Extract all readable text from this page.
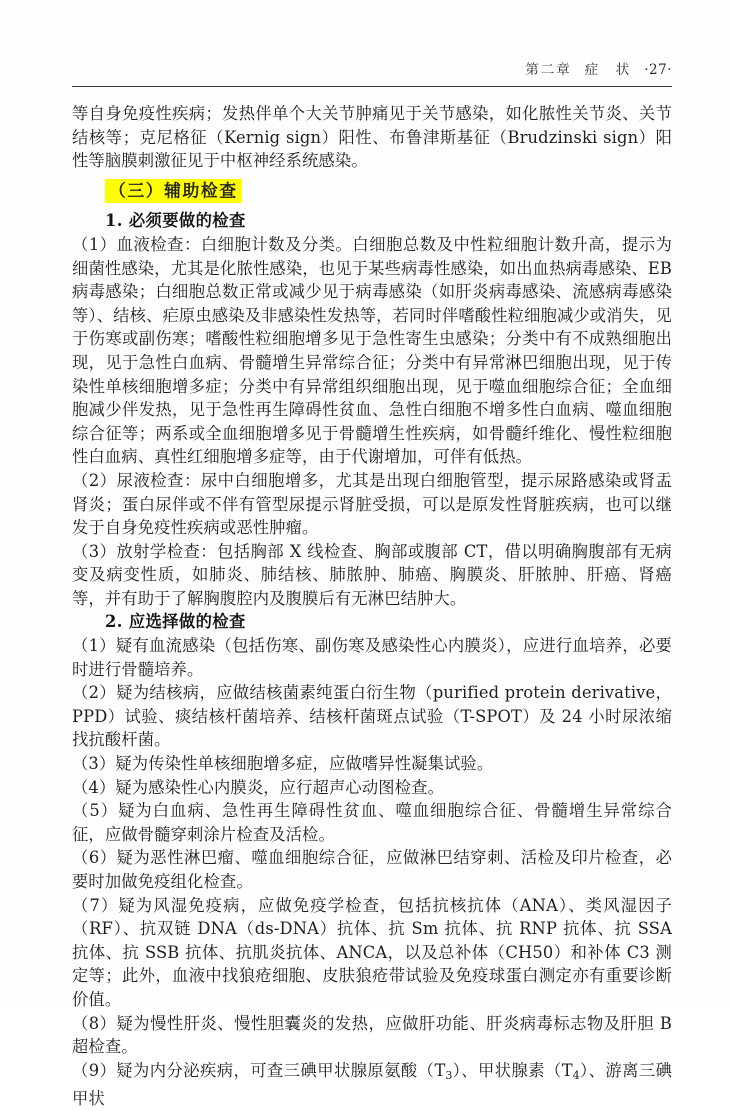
第二章 症　状 ·27·

等自身免疫性疾病；发热伴单个大关节肿痛见于关节感染，如化脓性关节炎、关节结核等；克尼格征（Kernig sign）阳性、布鲁津斯基征（Brudzinski sign）阳性等脑膜刺激征见于中枢神经系统感染。

（三）辅助检查

1. 必须要做的检查

（1）血液检查：白细胞计数及分类。白细胞总数及中性粒细胞计数升高，提示为细菌性感染，尤其是化脓性感染，也见于某些病毒性感染，如出血热病毒感染、EB 病毒感染；白细胞总数正常或减少见于病毒感染（如肝炎病毒感染、流感病毒感染等）、结核、疟原虫感染及非感染性发热等，若同时伴嗜酸性粒细胞减少或消失，见于伤寒或副伤寒；嗜酸性粒细胞增多见于急性寄生虫感染；分类中有不成熟细胞出现，见于急性白血病、骨髓增生异常综合征；分类中有异常淋巴细胞出现，见于传染性单核细胞增多症；分类中有异常组织细胞出现，见于噬血细胞综合征；全血细胞减少伴发热，见于急性再生障碍性贫血、急性白细胞不增多性白血病、噬血细胞综合征等；两系或全血细胞增多见于骨髓增生性疾病，如骨髓纤维化、慢性粒细胞性白血病、真性红细胞增多症等，由于代谢增加，可伴有低热。

（2）尿液检查：尿中白细胞增多，尤其是出现白细胞管型，提示尿路感染或肾盂肾炎；蛋白尿伴或不伴有管型尿提示肾脏受损，可以是原发性肾脏疾病，也可以继发于自身免疫性疾病或恶性肿瘤。

（3）放射学检查：包括胸部 X 线检查、胸部或腹部 CT，借以明确胸腹部有无病变及病变性质，如肺炎、肺结核、肺脓肿、肺癌、胸膜炎、肝脓肿、肝癌、肾癌等，并有助于了解胸腹腔内及腹膜后有无淋巴结肿大。

2. 应选择做的检查

（1）疑有血流感染（包括伤寒、副伤寒及感染性心内膜炎），应进行血培养，必要时进行骨髓培养。

（2）疑为结核病，应做结核菌素纯蛋白衍生物（purified protein derivative，PPD）试验、痰结核杆菌培养、结核杆菌斑点试验（T-SPOT）及 24 小时尿浓缩找抗酸杆菌。

（3）疑为传染性单核细胞增多症，应做嗜异性凝集试验。

（4）疑为感染性心内膜炎，应行超声心动图检查。

（5）疑为白血病、急性再生障碍性贫血、噬血细胞综合征、骨髓增生异常综合征，应做骨髓穿刺涂片检查及活检。

（6）疑为恶性淋巴瘤、噬血细胞综合征，应做淋巴结穿刺、活检及印片检查，必要时加做免疫组化检查。

（7）疑为风湿免疫病，应做免疫学检查，包括抗核抗体（ANA）、类风湿因子（RF）、抗双链 DNA（ds-DNA）抗体、抗 Sm 抗体、抗 RNP 抗体、抗 SSA 抗体、抗 SSB 抗体、抗肌炎抗体、ANCA，以及总补体（CH50）和补体 C3 测定等；此外，血液中找狼疮细胞、皮肤狼疮带试验及免疫球蛋白测定亦有重要诊断价值。

（8）疑为慢性肝炎、慢性胆囊炎的发热，应做肝功能、肝炎病毒标志物及肝胆 B 超检查。

（9）疑为内分泌疾病，可查三碘甲状腺原氨酸$(T_3)$、甲状腺素$(T_4)$、游离三碘甲状
